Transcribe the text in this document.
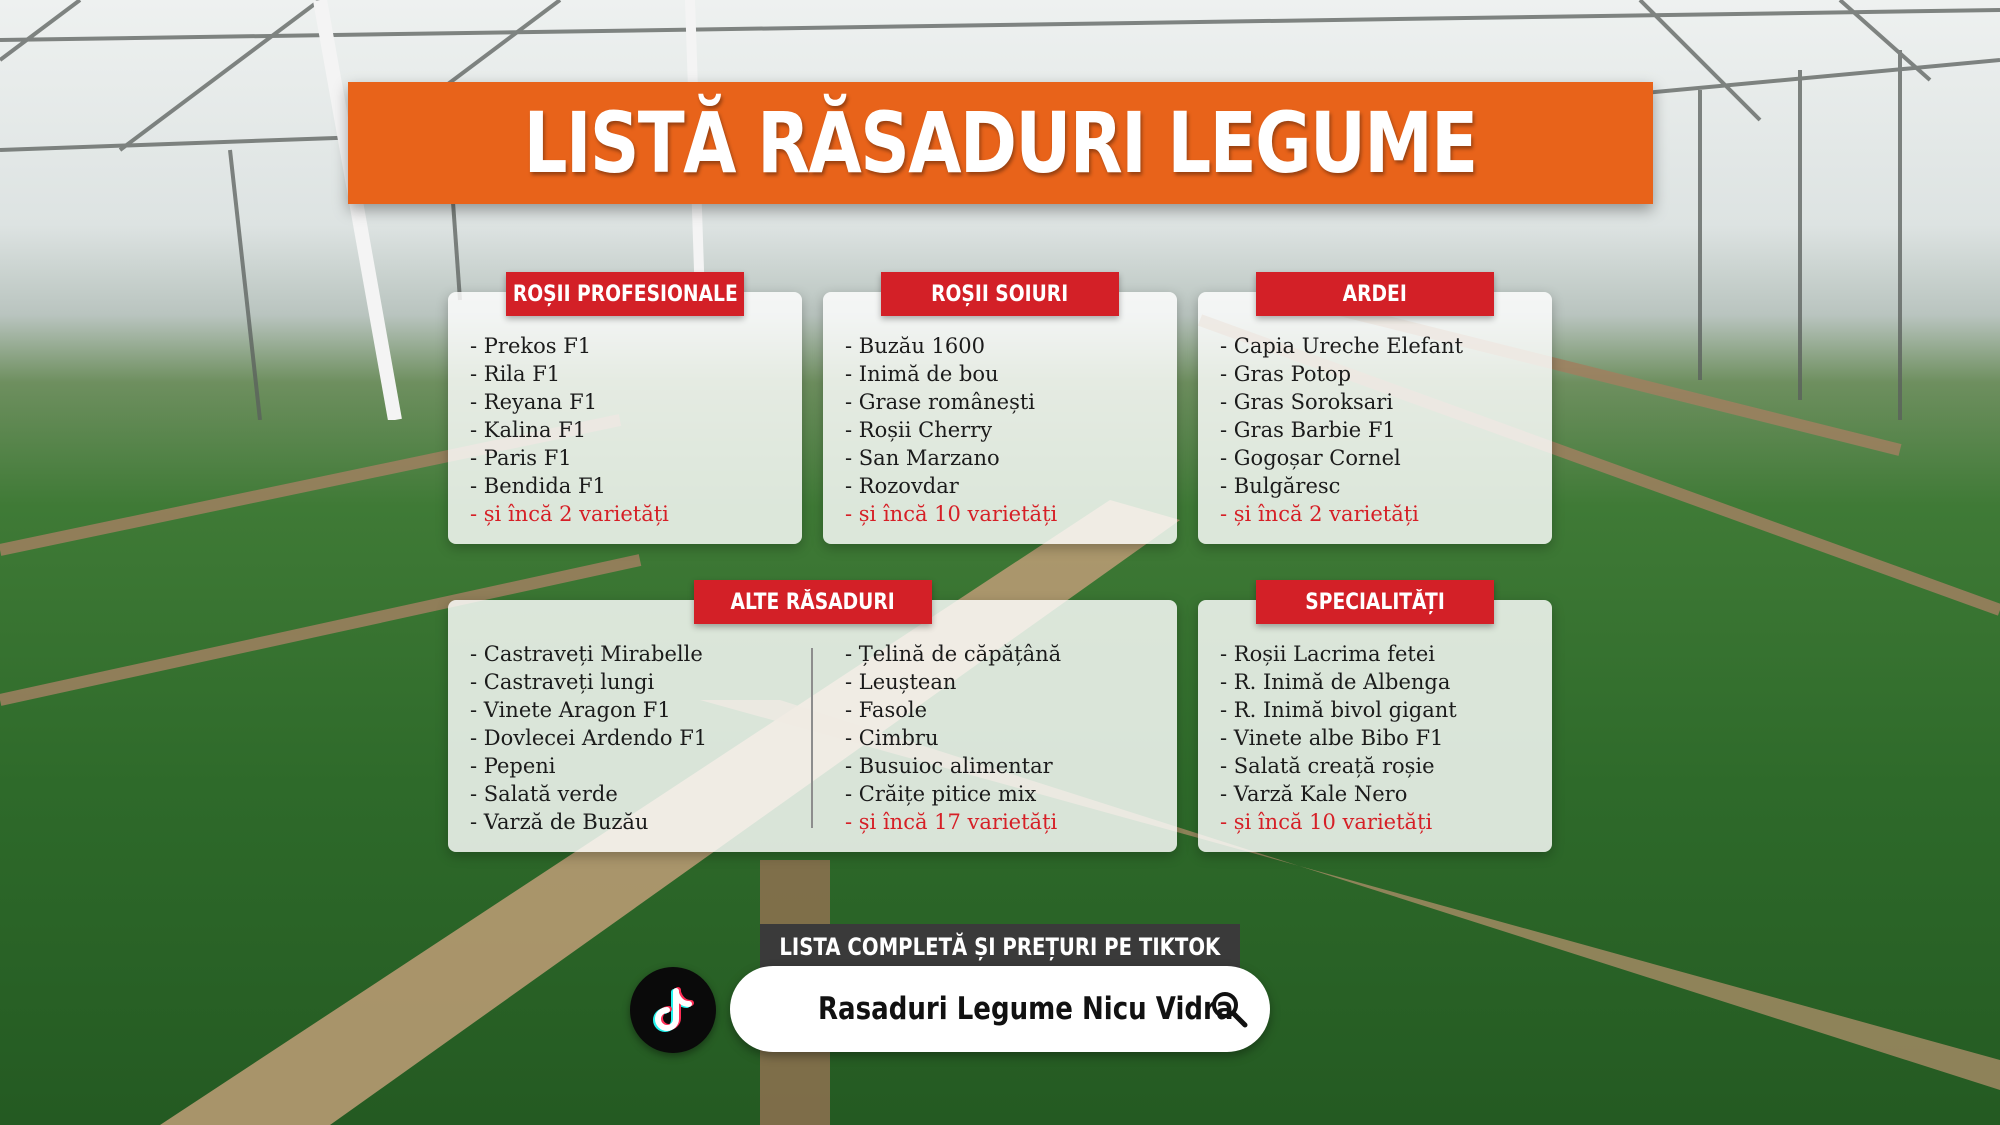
LISTĂ RĂSADURI LEGUME
ROȘII PROFESIONALE
- Prekos F1
- Rila F1
- Reyana F1
- Kalina F1
- Paris F1
- Bendida F1
- și încă 2 varietăți
ROȘII SOIURI
- Buzău 1600
- Inimă de bou
- Grase românești
- Roșii Cherry
- San Marzano
- Rozovdar
- și încă 10 varietăți
ARDEI
- Capia Ureche Elefant
- Gras Potop
- Gras Soroksari
- Gras Barbie F1
- Gogoșar Cornel
- Bulgăresc
- și încă 2 varietăți
ALTE RĂSADURI
- Castraveți Mirabelle
- Castraveți lungi
- Vinete Aragon F1
- Dovlecei Ardendo F1
- Pepeni
- Salată verde
- Varză de Buzău
- Țelină de căpățână
- Leuștean
- Fasole
- Cimbru
- Busuioc alimentar
- Crăițe pitice mix
- și încă 17 varietăți
SPECIALITĂȚI
- Roșii Lacrima fetei
- R. Inimă de Albenga
- R. Inimă bivol gigant
- Vinete albe Bibo F1
- Salată creață roșie
- Varză Kale Nero
- și încă 10 varietăți
LISTA COMPLETĂ ȘI PREȚURI PE TIKTOK
Rasaduri Legume Nicu Vidra
